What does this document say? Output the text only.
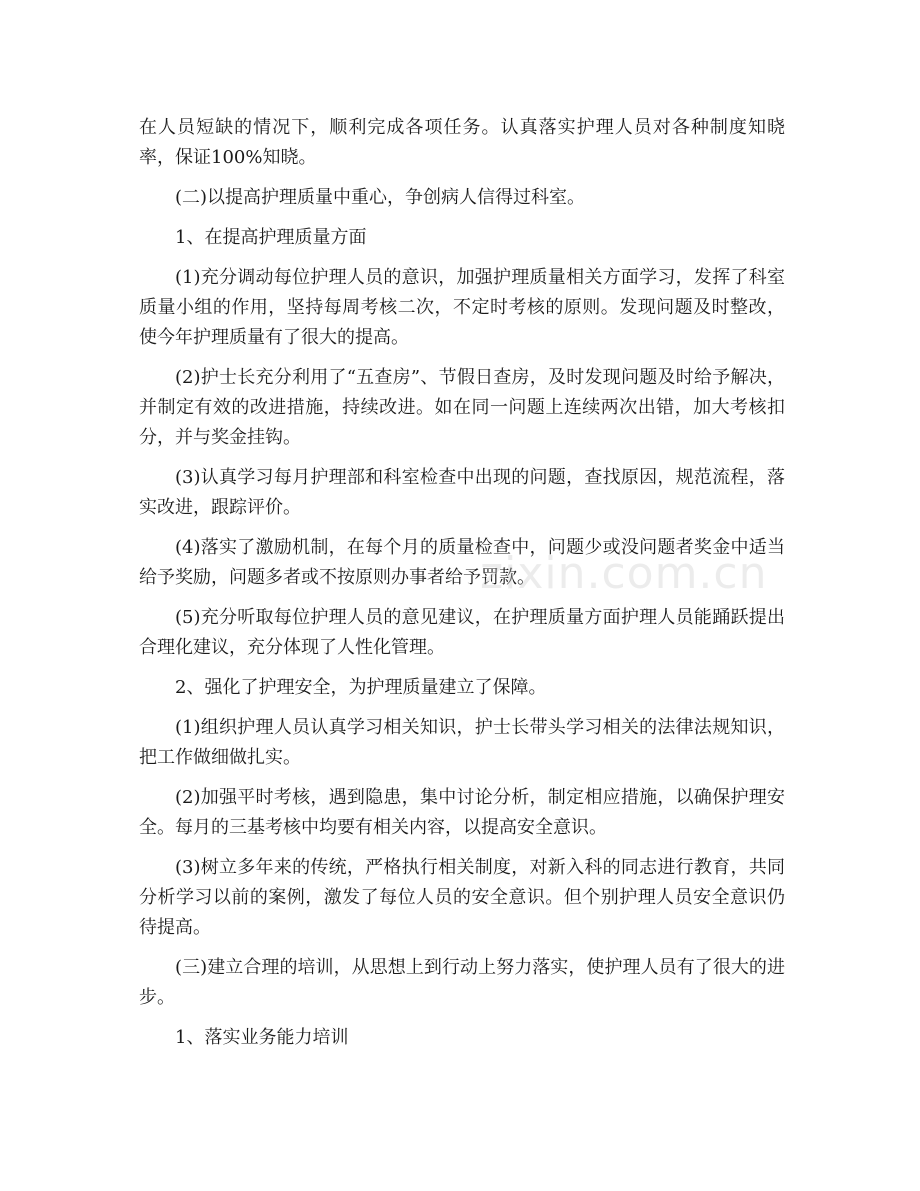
在人员短缺的情况下，顺利完成各项任务。认真落实护理人员对各种制度知晓率，保证100%知晓。

(二)以提高护理质量中重心，争创病人信得过科室。

1、在提高护理质量方面

(1)充分调动每位护理人员的意识，加强护理质量相关方面学习，发挥了科室质量小组的作用，坚持每周考核二次，不定时考核的原则。发现问题及时整改，使今年护理质量有了很大的提高。

(2)护士长充分利用了“五查房”、节假日查房，及时发现问题及时给予解决，并制定有效的改进措施，持续改进。如在同一问题上连续两次出错，加大考核扣分，并与奖金挂钩。

(3)认真学习每月护理部和科室检查中出现的问题，查找原因，规范流程，落实改进，跟踪评价。

(4)落实了激励机制，在每个月的质量检查中，问题少或没问题者奖金中适当给予奖励，问题多者或不按原则办事者给予罚款。

(5)充分听取每位护理人员的意见建议，在护理质量方面护理人员能踊跃提出合理化建议，充分体现了人性化管理。

2、强化了护理安全，为护理质量建立了保障。

(1)组织护理人员认真学习相关知识，护士长带头学习相关的法律法规知识，把工作做细做扎实。

(2)加强平时考核，遇到隐患，集中讨论分析，制定相应措施，以确保护理安全。每月的三基考核中均要有相关内容，以提高安全意识。

(3)树立多年来的传统，严格执行相关制度，对新入科的同志进行教育，共同分析学习以前的案例，激发了每位人员的安全意识。但个别护理人员安全意识仍待提高。

(三)建立合理的培训，从思想上到行动上努力落实，使护理人员有了很大的进步。

1、落实业务能力培训

zixin.com.cn
